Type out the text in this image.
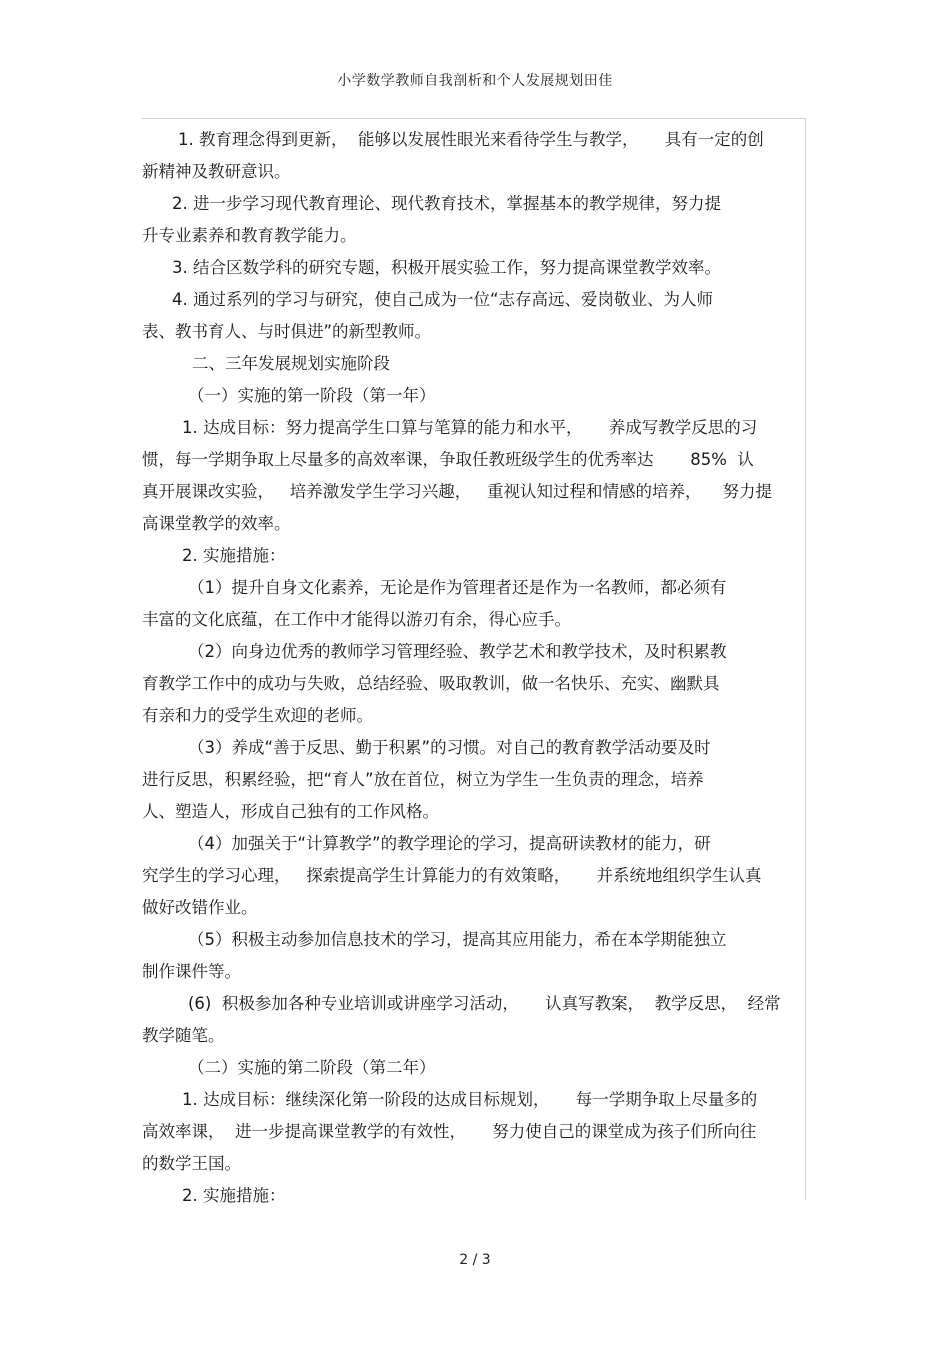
小学数学教师自我剖析和个人发展规划田佳
1. 教育理念得到更新，  能够以发展性眼光来看待学生与教学，     具有一定的创
新精神及教研意识。
2. 进一步学习现代教育理论、现代教育技术，掌握基本的教学规律，努力提
升专业素养和教育教学能力。
3. 结合区数学科的研究专题，积极开展实验工作，努力提高课堂教学效率。
4. 通过系列的学习与研究，使自己成为一位“志存高远、爱岗敬业、为人师
表、教书育人、与时俱进”的新型教师。
二、三年发展规划实施阶段
（一）实施的第一阶段（第一年）
1. 达成目标：努力提高学生口算与笔算的能力和水平，     养成写教学反思的习
惯，每一学期争取上尽量多的高效率课，争取任教班级学生的优秀率达       85%  认
真开展课改实验，   培养激发学生学习兴趣，   重视认知过程和情感的培养，    努力提
高课堂教学的效率。
2. 实施措施：
（1）提升自身文化素养，无论是作为管理者还是作为一名教师，都必须有
丰富的文化底蕴，在工作中才能得以游刃有余，得心应手。
（2）向身边优秀的教师学习管理经验、教学艺术和教学技术，及时积累教
育教学工作中的成功与失败，总结经验、吸取教训，做一名快乐、充实、幽默具
有亲和力的受学生欢迎的老师。
（3）养成“善于反思、勤于积累”的习惯。对自己的教育教学活动要及时
进行反思，积累经验，把“育人”放在首位，树立为学生一生负责的理念，培养
人、塑造人，形成自己独有的工作风格。
（4）加强关于“计算教学”的教学理论的学习，提高研读教材的能力，研
究学生的学习心理，   探索提高学生计算能力的有效策略，     并系统地组织学生认真
做好改错作业。
（5）积极主动参加信息技术的学习，提高其应用能力，希在本学期能独立
制作课件等。
(6)  积极参加各种专业培训或讲座学习活动，     认真写教案，  教学反思，  经常
教学随笔。
（二）实施的第二阶段（第二年）
1. 达成目标：继续深化第一阶段的达成目标规划，     每一学期争取上尽量多的
高效率课，  进一步提高课堂教学的有效性，     努力使自己的课堂成为孩子们所向往
的数学王国。
2. 实施措施：
2 / 3
